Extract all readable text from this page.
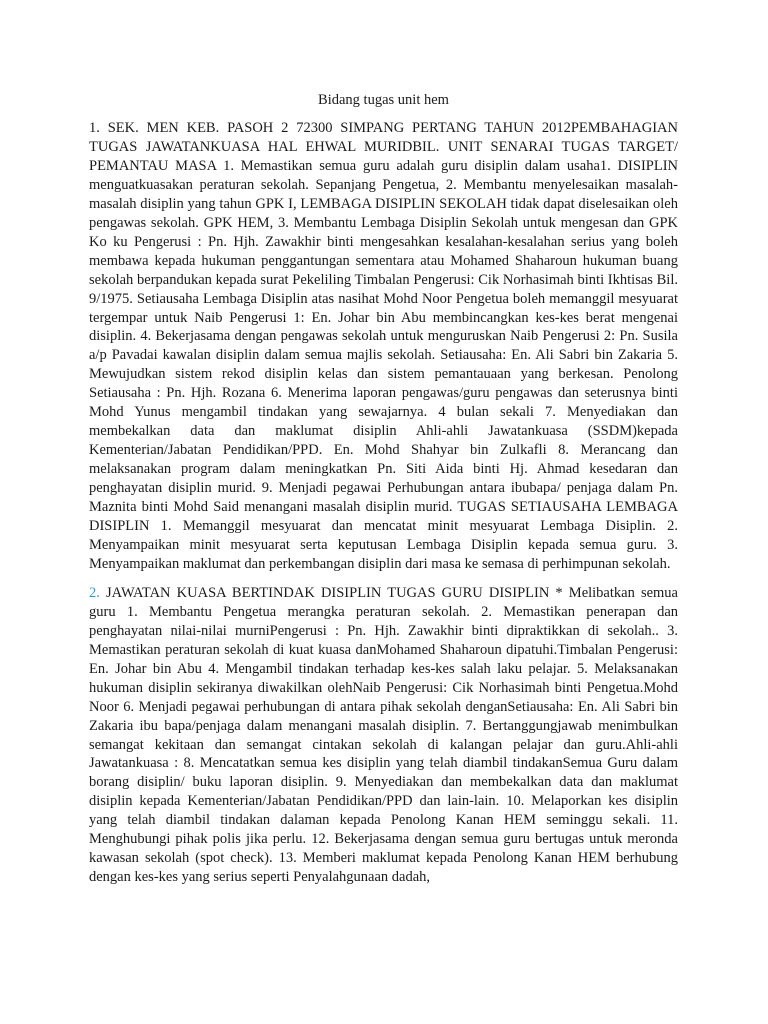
Bidang tugas unit hem

1. SEK. MEN KEB. PASOH 2 72300 SIMPANG PERTANG TAHUN 2012PEMBAHAGIAN TUGAS JAWATANKUASA HAL EHWAL MURIDBIL. UNIT SENARAI TUGAS TARGET/ PEMANTAU MASA 1. Memastikan semua guru adalah guru disiplin dalam usaha1. DISIPLIN menguatkuasakan peraturan sekolah. Sepanjang Pengetua, 2. Membantu menyelesaikan masalah-masalah disiplin yang tahun GPK I, LEMBAGA DISIPLIN SEKOLAH tidak dapat diselesaikan oleh pengawas sekolah. GPK HEM, 3. Membantu Lembaga Disiplin Sekolah untuk mengesan dan GPK Ko ku Pengerusi : Pn. Hjh. Zawakhir binti mengesahkan kesalahan-kesalahan serius yang boleh membawa kepada hukuman penggantungan sementara atau Mohamed Shaharoun hukuman buang sekolah berpandukan kepada surat Pekeliling Timbalan Pengerusi: Cik Norhasimah binti Ikhtisas Bil. 9/1975. Setiausaha Lembaga Disiplin atas nasihat Mohd Noor Pengetua boleh memanggil mesyuarat tergempar untuk Naib Pengerusi 1: En. Johar bin Abu membincangkan kes-kes berat mengenai disiplin. 4. Bekerjasama dengan pengawas sekolah untuk menguruskan Naib Pengerusi 2: Pn. Susila a/p Pavadai kawalan disiplin dalam semua majlis sekolah. Setiausaha: En. Ali Sabri bin Zakaria 5. Mewujudkan sistem rekod disiplin kelas dan sistem pemantauaan yang berkesan. Penolong Setiausaha : Pn. Hjh. Rozana 6. Menerima laporan pengawas/guru pengawas dan seterusnya binti Mohd Yunus mengambil tindakan yang sewajarnya. 4 bulan sekali 7. Menyediakan dan membekalkan data dan maklumat disiplin Ahli-ahli Jawatankuasa (SSDM)kepada Kementerian/Jabatan Pendidikan/PPD. En. Mohd Shahyar bin Zulkafli 8. Merancang dan melaksanakan program dalam meningkatkan Pn. Siti Aida binti Hj. Ahmad kesedaran dan penghayatan disiplin murid. 9. Menjadi pegawai Perhubungan antara ibubapa/ penjaga dalam Pn. Maznita binti Mohd Said menangani masalah disiplin murid. TUGAS SETIAUSAHA LEMBAGA DISIPLIN 1. Memanggil mesyuarat dan mencatat minit mesyuarat Lembaga Disiplin. 2. Menyampaikan minit mesyuarat serta keputusan Lembaga Disiplin kepada semua guru. 3. Menyampaikan maklumat dan perkembangan disiplin dari masa ke semasa di perhimpunan sekolah.

2. JAWATAN KUASA BERTINDAK DISIPLIN TUGAS GURU DISIPLIN * Melibatkan semua guru 1. Membantu Pengetua merangka peraturan sekolah. 2. Memastikan penerapan dan penghayatan nilai-nilai murniPengerusi : Pn. Hjh. Zawakhir binti dipraktikkan di sekolah.. 3. Memastikan peraturan sekolah di kuat kuasa danMohamed Shaharoun dipatuhi.Timbalan Pengerusi: En. Johar bin Abu 4. Mengambil tindakan terhadap kes-kes salah laku pelajar. 5. Melaksanakan hukuman disiplin sekiranya diwakilkan olehNaib Pengerusi: Cik Norhasimah binti Pengetua.Mohd Noor 6. Menjadi pegawai perhubungan di antara pihak sekolah denganSetiausaha: En. Ali Sabri bin Zakaria ibu bapa/penjaga dalam menangani masalah disiplin. 7. Bertanggungjawab menimbulkan semangat kekitaan dan semangat cintakan sekolah di kalangan pelajar dan guru.Ahli-ahli Jawatankuasa : 8. Mencatatkan semua kes disiplin yang telah diambil tindakanSemua Guru dalam borang disiplin/ buku laporan disiplin. 9. Menyediakan dan membekalkan data dan maklumat disiplin kepada Kementerian/Jabatan Pendidikan/PPD dan lain-lain. 10. Melaporkan kes disiplin yang telah diambil tindakan dalaman kepada Penolong Kanan HEM seminggu sekali. 11. Menghubungi pihak polis jika perlu. 12. Bekerjasama dengan semua guru bertugas untuk meronda kawasan sekolah (spot check). 13. Memberi maklumat kepada Penolong Kanan HEM berhubung dengan kes-kes yang serius seperti Penyalahgunaan dadah,
